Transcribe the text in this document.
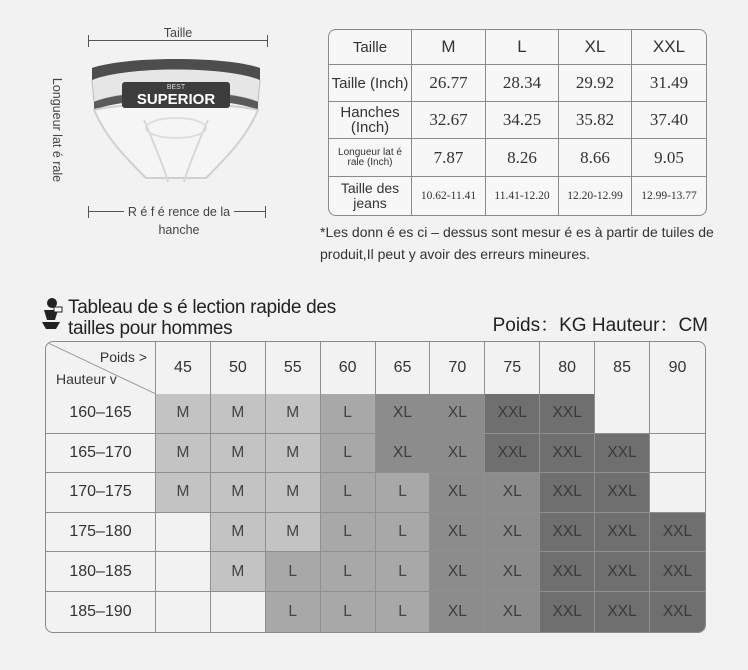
Taille
Longueur lat é rale	BEST
SUPERIOR
R é f é rence de la hanche
Taille	M	L	XL	XXL
Taille (Inch)	26.77	28.34	29.92	31.49
Hanches (Inch)	32.67	34.25	35.82	37.40
Longueur lat é rale (Inch)	7.87	8.26	8.66	9.05
Taille des jeans	10.62-11.41	11.41-12.20	12.20-12.99	12.99-13.77
*Les donn é es ci – dessus sont mesur é es à partir de tuiles de produit,Il peut y avoir des erreurs mineures.
Tableau de s é lection rapide des tailles pour hommes	Poids：KG Hauteur：CM
Poids >
Hauteur v	45	50	55	60	65	70	75	80	85	90
160–165	M	M	M	L	XL	XL	XXL	XXL		
165–170	M	M	M	L	XL	XL	XXL	XXL	XXL	
170–175	M	M	M	L	L	XL	XL	XXL	XXL	
175–180		M	M	L	L	XL	XL	XXL	XXL	XXL
180–185		M	L	L	L	XL	XL	XXL	XXL	XXL
185–190			L	L	L	XL	XL	XXL	XXL	XXL
